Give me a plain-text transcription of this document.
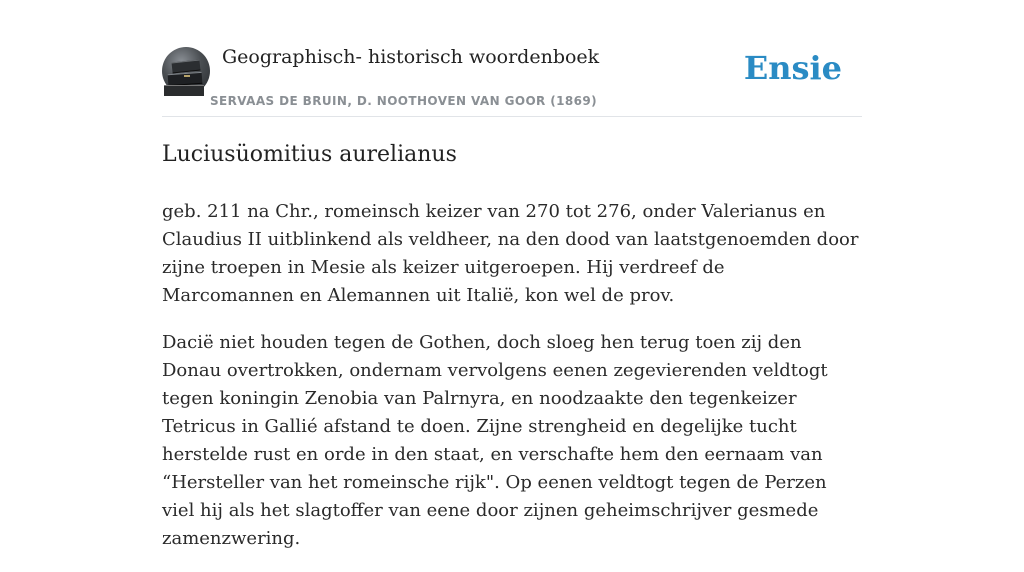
Geographisch- historisch woordenboek
SERVAAS DE BRUIN, D. NOOTHOVEN VAN GOOR (1869)
Ensie
Luciusüomitius aurelianus

geb. 211 na Chr., romeinsch keizer van 270 tot 276, onder Valerianus en Claudius II uitblinkend als veldheer, na den dood van laatstgenoemden door zijne troepen in Mesie als keizer uitgeroepen. Hij verdreef de Marcomannen en Alemannen uit Italië, kon wel de prov.

Dacië niet houden tegen de Gothen, doch sloeg hen terug toen zij den Donau overtrokken, ondernam vervolgens eenen zegevierenden veldtogt tegen koningin Zenobia van Palrnyra, en noodzaakte den tegenkeizer Tetricus in Gallié afstand te doen. Zijne strengheid en degelijke tucht herstelde rust en orde in den staat, en verschafte hem den eernaam van “Hersteller van het romeinsche rijk". Op eenen veldtogt tegen de Perzen viel hij als het slagtoffer van eene door zijnen geheimschrijver gesmede zamenzwering.
